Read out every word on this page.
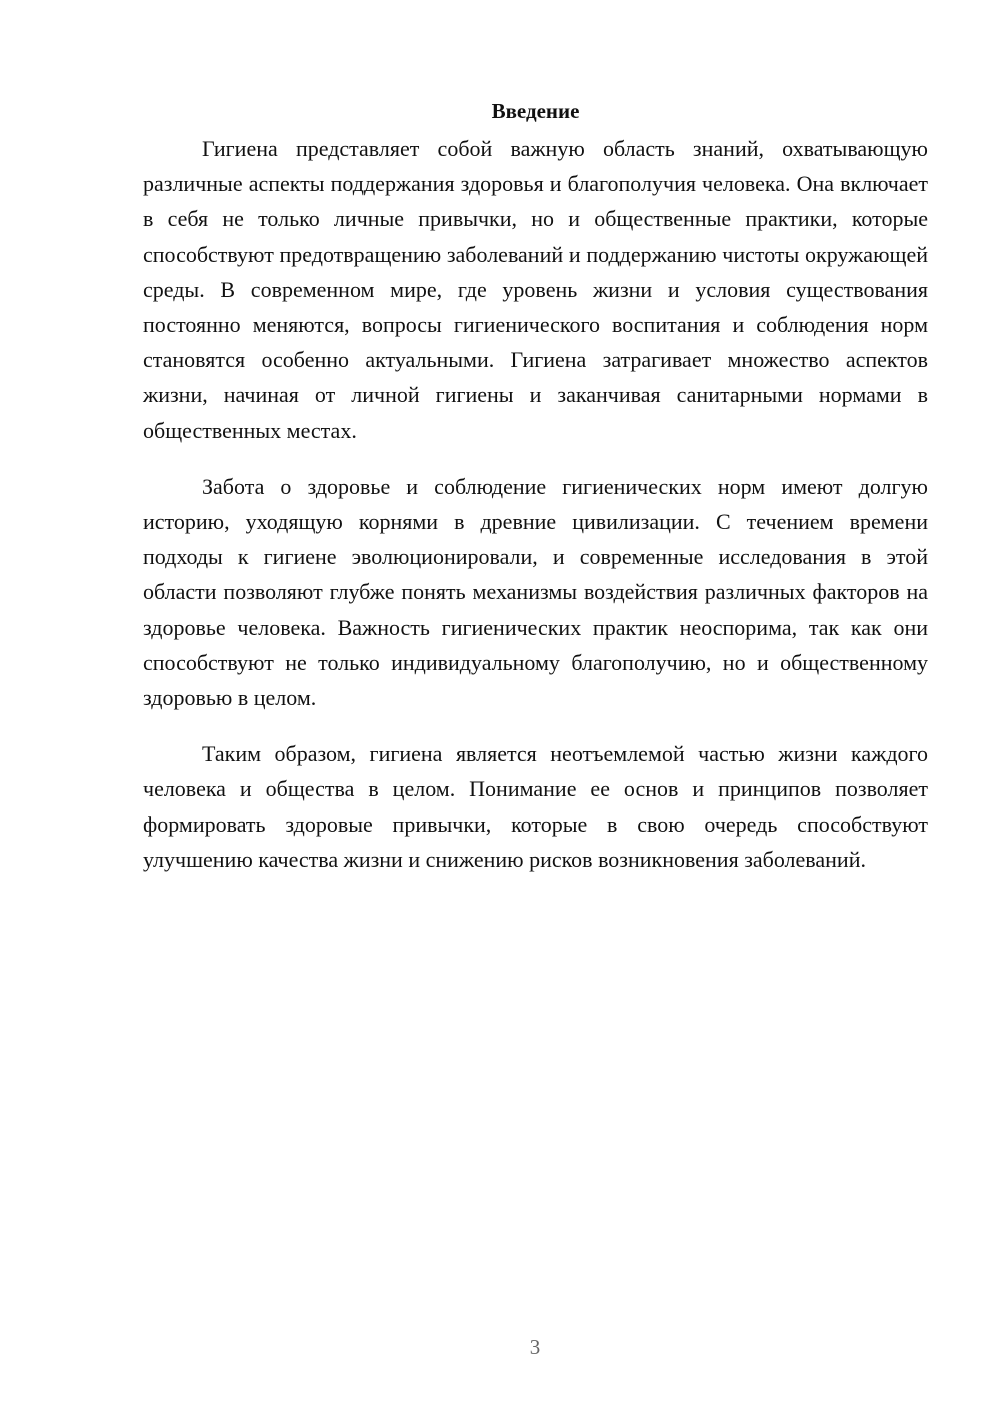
Введение

Гигиена представляет собой важную область знаний, охватывающую различные аспекты поддержания здоровья и благополучия человека. Она включает в себя не только личные привычки, но и общественные практики, которые способствуют предотвращению заболеваний и поддержанию чистоты окружающей среды. В современном мире, где уровень жизни и условия существования постоянно меняются, вопросы гигиенического воспитания и соблюдения норм становятся особенно актуальными. Гигиена затрагивает множество аспектов жизни, начиная от личной гигиены и заканчивая санитарными нормами в общественных местах.

Забота о здоровье и соблюдение гигиенических норм имеют долгую историю, уходящую корнями в древние цивилизации. С течением времени подходы к гигиене эволюционировали, и современные исследования в этой области позволяют глубже понять механизмы воздействия различных факторов на здоровье человека. Важность гигиенических практик неоспорима, так как они способствуют не только индивидуальному благополучию, но и общественному здоровью в целом.

Таким образом, гигиена является неотъемлемой частью жизни каждого человека и общества в целом. Понимание ее основ и принципов позволяет формировать здоровые привычки, которые в свою очередь способствуют улучшению качества жизни и снижению рисков возникновения заболеваний.

3
